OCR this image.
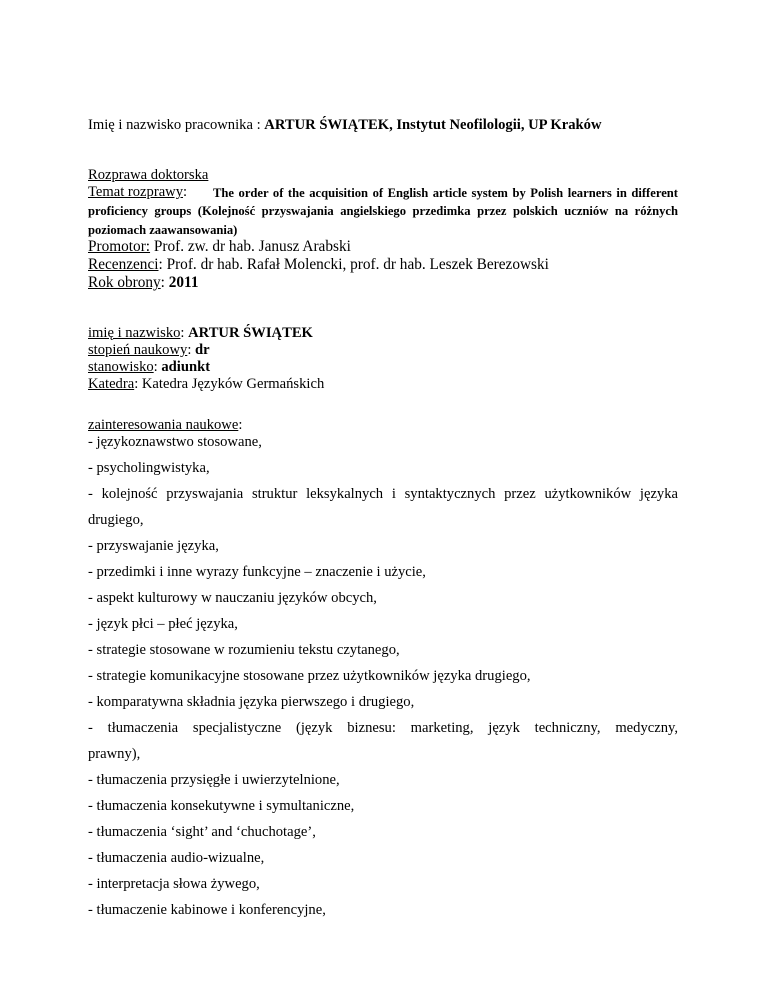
Imię i nazwisko pracownika : ARTUR ŚWIĄTEK, Instytut Neofilologii, UP Kraków
Rozprawa doktorska
Temat rozprawy:	The order of the acquisition of English article system by Polish learners in different proficiency groups (Kolejność przyswajania angielskiego przedimka przez polskich uczniów na różnych poziomach zaawansowania)
Promotor: Prof. zw. dr hab. Janusz Arabski
Recenzenci: Prof. dr hab. Rafał Molencki, prof. dr hab. Leszek Berezowski
Rok obrony: 2011
imię i nazwisko: ARTUR ŚWIĄTEK
stopień naukowy: dr
stanowisko: adiunkt
Katedra: Katedra Języków Germańskich
zainteresowania naukowe:
- językoznawstwo stosowane,
- psycholingwistyka,
- kolejność przyswajania struktur leksykalnych i syntaktycznych przez użytkowników języka
drugiego,
- przyswajanie języka,
- przedimki i inne wyrazy funkcyjne – znaczenie i użycie,
- aspekt kulturowy w nauczaniu języków obcych,
- język płci – płeć języka,
- strategie stosowane w rozumieniu tekstu czytanego,
- strategie komunikacyjne stosowane przez użytkowników języka drugiego,
- komparatywna składnia języka pierwszego i drugiego,
- tłumaczenia specjalistyczne (język biznesu: marketing, język techniczny, medyczny,
prawny),
- tłumaczenia przysięgłe i uwierzytelnione,
- tłumaczenia konsekutywne i symultaniczne,
- tłumaczenia ‘sight’ and ‘chuchotage’,
- tłumaczenia audio-wizualne,
- interpretacja słowa żywego,
- tłumaczenie kabinowe i konferencyjne,
